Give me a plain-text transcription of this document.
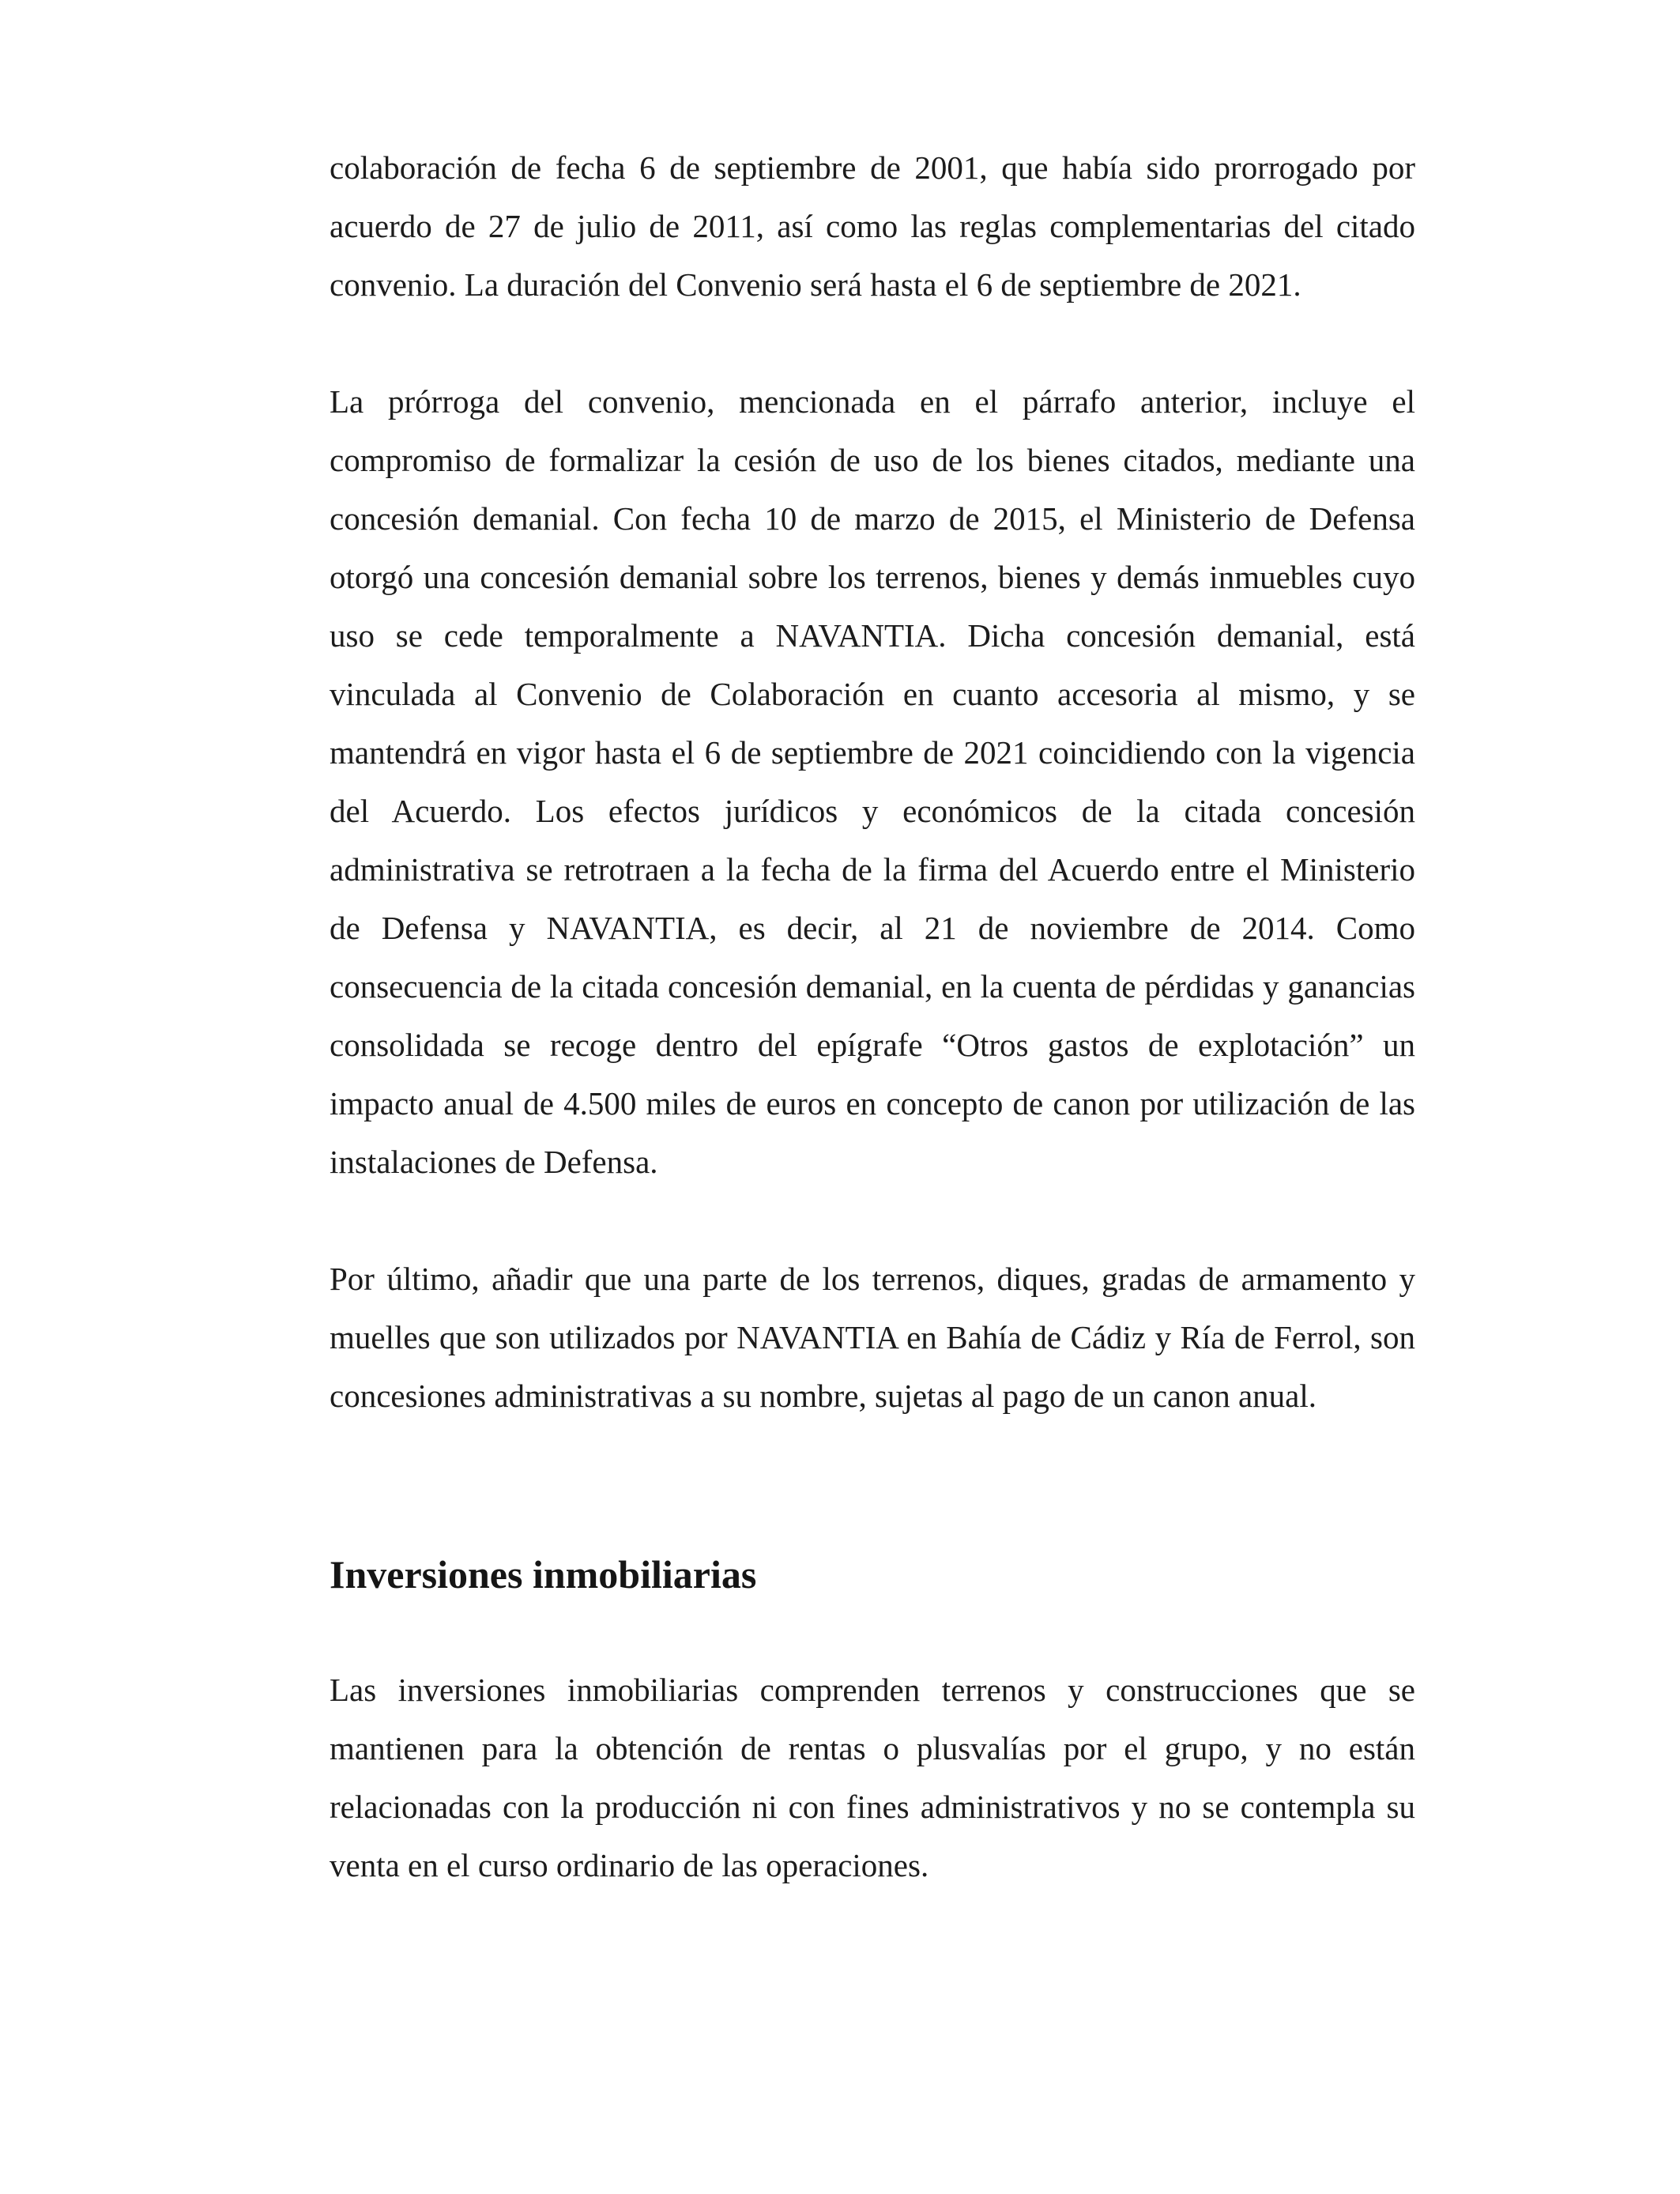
colaboración de fecha 6 de septiembre de 2001, que había sido prorrogado por acuerdo de 27 de julio de 2011, así como las reglas complementarias del citado convenio. La duración del Convenio será hasta el 6 de septiembre de 2021.

La prórroga del convenio, mencionada en el párrafo anterior, incluye el compromiso de formalizar la cesión de uso de los bienes citados, mediante una concesión demanial. Con fecha 10 de marzo de 2015, el Ministerio de Defensa otorgó una concesión demanial sobre los terrenos, bienes y demás inmuebles cuyo uso se cede temporalmente a NAVANTIA. Dicha concesión demanial, está vinculada al Convenio de Colaboración en cuanto accesoria al mismo, y se mantendrá en vigor hasta el 6 de septiembre de 2021 coincidiendo con la vigencia del Acuerdo. Los efectos jurídicos y económicos de la citada concesión administrativa se retrotraen a la fecha de la firma del Acuerdo entre el Ministerio de Defensa y NAVANTIA, es decir, al 21 de noviembre de 2014. Como consecuencia de la citada concesión demanial, en la cuenta de pérdidas y ganancias consolidada se recoge dentro del epígrafe “Otros gastos de explotación” un impacto anual de 4.500 miles de euros en concepto de canon por utilización de las instalaciones de Defensa.

Por último, añadir que una parte de los terrenos, diques, gradas de armamento y muelles que son utilizados por NAVANTIA en Bahía de Cádiz y Ría de Ferrol, son concesiones administrativas a su nombre, sujetas al pago de un canon anual.

Inversiones inmobiliarias

Las inversiones inmobiliarias comprenden terrenos y construcciones que se mantienen para la obtención de rentas o plusvalías por el grupo, y no están relacionadas con la producción ni con fines administrativos y no se contempla su venta en el curso ordinario de las operaciones.
